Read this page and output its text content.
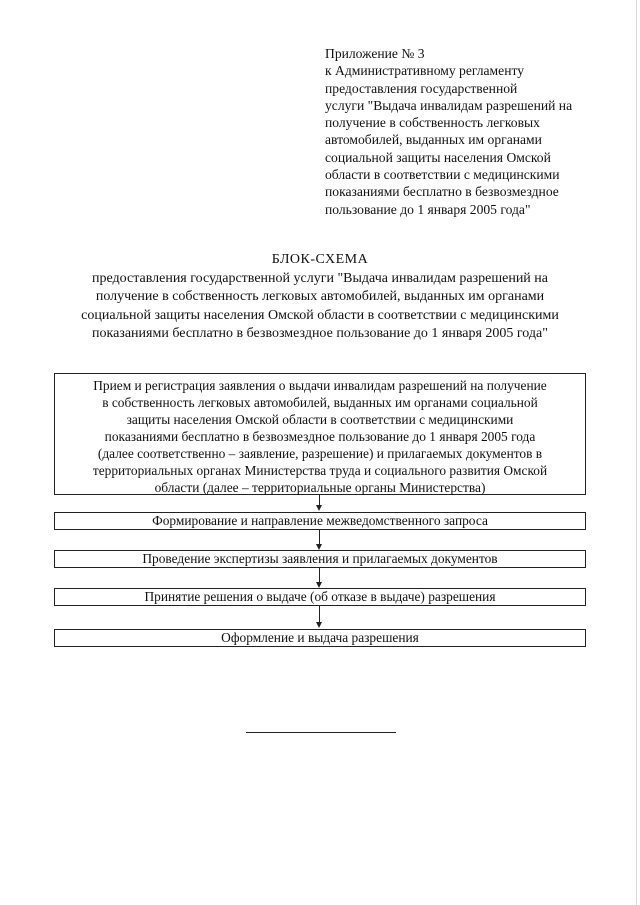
Приложение № 3
к Административному регламенту
предоставления государственной
услуги "Выдача инвалидам разрешений на
получение в собственность легковых
автомобилей, выданных им органами
социальной защиты населения Омской
области в соответствии с медицинскими
показаниями бесплатно в безвозмездное
пользование до 1 января 2005 года"
БЛОК-СХЕМА
предоставления государственной услуги "Выдача инвалидам разрешений на
получение в собственность легковых автомобилей, выданных им органами
социальной защиты населения Омской области в соответствии с медицинскими
показаниями бесплатно в безвозмездное пользование до 1 января 2005 года"
Прием и регистрация заявления о выдачи инвалидам разрешений на получение
в собственность легковых автомобилей, выданных им органами социальной
защиты населения Омской области в соответствии с медицинскими
показаниями бесплатно в безвозмездное пользование до 1 января 2005 года
(далее соответственно – заявление, разрешение) и прилагаемых документов в
территориальных органах Министерства труда и социального развития Омской
области (далее – территориальные органы Министерства)
Формирование и направление межведомственного запроса
Проведение экспертизы заявления и прилагаемых документов
Принятие решения о выдаче (об отказе в выдаче) разрешения
Оформление и выдача разрешения
